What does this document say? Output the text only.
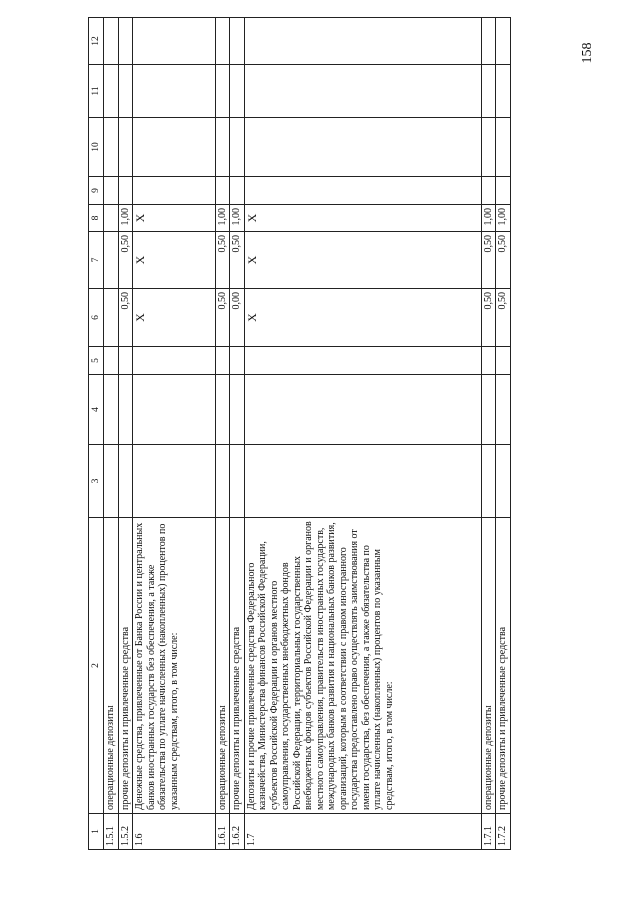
158
1	2	3	4	5	6	7	8	9	10	11	12
1.5.1	операционные депозиты										
1.5.2	прочие депозиты и привлеченные средства				0,50	0,50	1,00				
1.6	Денежные средства, привлеченные от Банка России и центральных банков иностранных государств без обеспечения, а также обязательства по уплате начисленных (накопленных) процентов по указанным средствам, итого, в том числе:				X	X	X				
1.6.1	операционные депозиты				0,50	0,50	1,00				
1.6.2	прочие депозиты и привлеченные средства				0,00	0,50	1,00				
1.7	Депозиты и прочие привлеченные средства Федерального казначейства, Министерства финансов Российской Федерации, субъектов Российской Федерации и органов местного самоуправления, государственных внебюджетных фондов Российской Федерации, территориальных государственных внебюджетных фондов субъектов Российской Федерации и органов местного самоуправления, правительств иностранных государств, международных банков развития и национальных банков развития, организаций, которым в соответствии с правом иностранного государства предоставлено право осуществлять заимствования от имени государства, без обеспечения, а также обязательства по уплате начисленных (накопленных) процентов по указанным средствам, итого, в том числе:				X	X	X				
1.7.1	операционные депозиты				0,50	0,50	1,00				
1.7.2	прочие депозиты и привлеченные средства				0,50	0,50	1,00				
